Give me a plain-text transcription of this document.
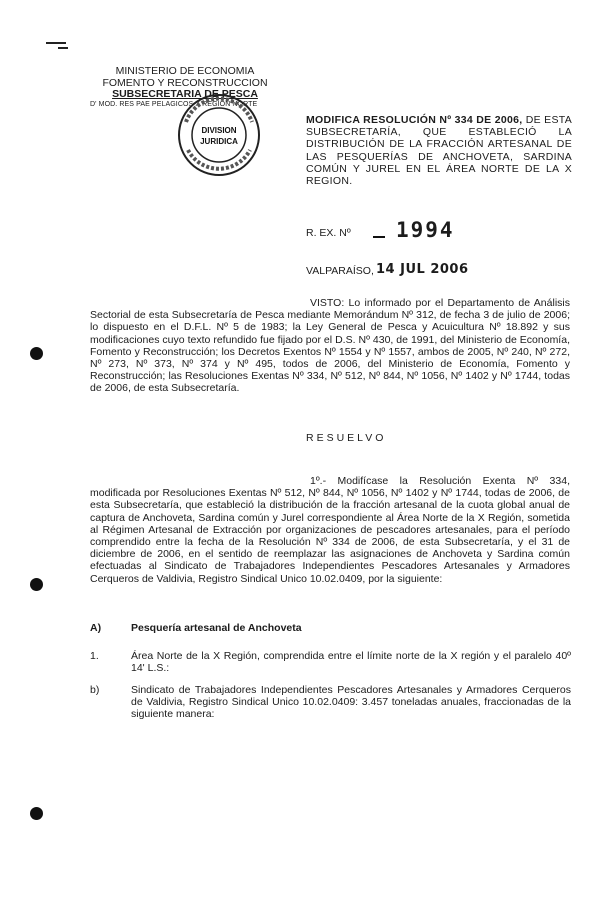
MINISTERIO DE ECONOMIA
FOMENTO Y RECONSTRUCCION
SUBSECRETARIA DE PESCA
D' MOD. RES PAE PELAGICOS X REGION NORTE
DIVISION
JURIDICA
MODIFICA RESOLUCIÓN Nº 334 DE 2006, DE ESTA SUBSECRETARÍA, QUE ESTABLECIÓ LA DISTRIBUCIÓN DE LA FRACCIÓN ARTESANAL DE LAS PESQUERÍAS DE ANCHOVETA, SARDINA COMÚN Y JUREL EN EL ÁREA NORTE DE LA X REGION.
R. EX. Nº 1994
VALPARAÍSO, 14 JUL 2006
VISTO: Lo informado por el Departamento de Análisis Sectorial de esta Subsecretaría de Pesca mediante Memorándum Nº 312, de fecha 3 de julio de 2006; lo dispuesto en el D.F.L. Nº 5 de 1983; la Ley General de Pesca y Acuicultura Nº 18.892 y sus modificaciones cuyo texto refundido fue fijado por el D.S. Nº 430, de 1991, del Ministerio de Economía, Fomento y Reconstrucción; los Decretos Exentos Nº 1554 y Nº 1557, ambos de 2005, Nº 240, Nº 272, Nº 273, Nº 373, Nº 374 y Nº 495, todos de 2006, del Ministerio de Economía, Fomento y Reconstrucción; las Resoluciones Exentas Nº 334, Nº 512, Nº 844, Nº 1056, Nº 1402 y Nº 1744, todas de 2006, de esta Subsecretaría.
RESUELVO
1º.- Modifícase la Resolución Exenta Nº 334, modificada por Resoluciones Exentas Nº 512, Nº 844, Nº 1056, Nº 1402 y Nº 1744, todas de 2006, de esta Subsecretaría, que estableció la distribución de la fracción artesanal de la cuota global anual de captura de Anchoveta, Sardina común y Jurel correspondiente al Área Norte de la X Región, sometida al Régimen Artesanal de Extracción por organizaciones de pescadores artesanales, para el período comprendido entre la fecha de la Resolución Nº 334 de 2006, de esta Subsecretaría, y el 31 de diciembre de 2006, en el sentido de reemplazar las asignaciones de Anchoveta y Sardina común efectuadas al Sindicato de Trabajadores Independientes Pescadores Artesanales y Armadores Cerqueros de Valdivia, Registro Sindical Unico 10.02.0409, por la siguiente:
A)	Pesquería artesanal de Anchoveta
1.	Área Norte de la X Región, comprendida entre el límite norte de la X región y el paralelo 40º 14' L.S.:
b)	Sindicato de Trabajadores Independientes Pescadores Artesanales y Armadores Cerqueros de Valdivia, Registro Sindical Unico 10.02.0409: 3.457 toneladas anuales, fraccionadas de la siguiente manera:
